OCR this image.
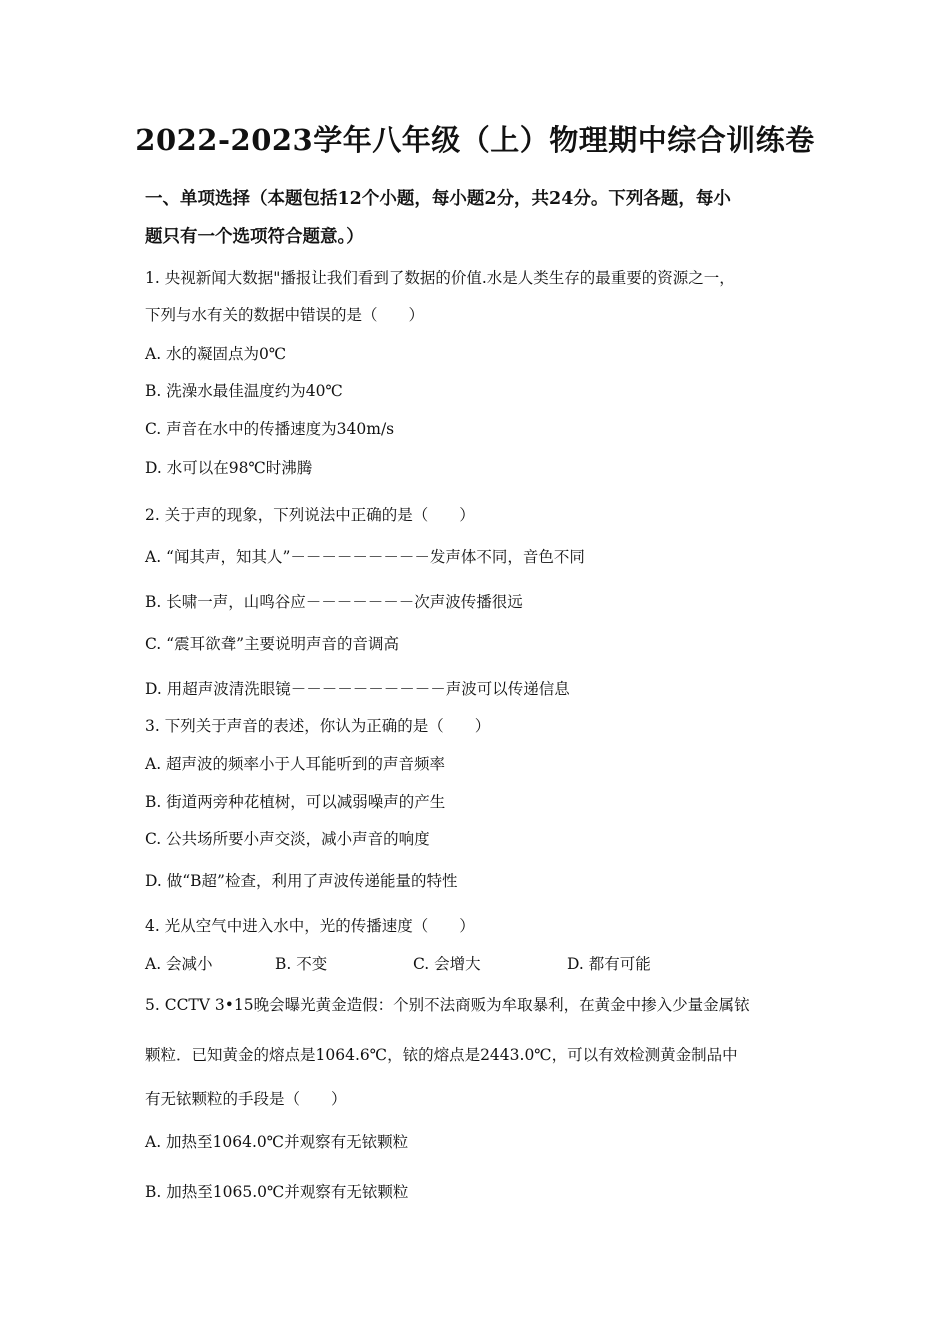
2022-2023学年八年级（上）物理期中综合训练卷
一、单项选择（本题包括12个小题，每小题2分，共24分。下列各题，每小
题只有一个选项符合题意。）
1. 央视新闻大数据"播报让我们看到了数据的价值.水是人类生存的最重要的资源之一，
下列与水有关的数据中错误的是（　　）
A. 水的凝固点为0℃
B. 洗澡水最佳温度约为40℃
C. 声音在水中的传播速度为340m/s
D. 水可以在98℃时沸腾
2. 关于声的现象，下列说法中正确的是（　　）
A. “闻其声，知其人”－－－－－－－－－发声体不同，音色不同
B. 长啸一声，山鸣谷应－－－－－－－次声波传播很远
C. “震耳欲聋”主要说明声音的音调高
D. 用超声波清洗眼镜－－－－－－－－－－声波可以传递信息
3. 下列关于声音的表述，你认为正确的是（　　）
A. 超声波的频率小于人耳能听到的声音频率
B. 街道两旁种花植树，可以减弱噪声的产生
C. 公共场所要小声交淡，减小声音的响度
D. 做“B超”检查，利用了声波传递能量的特性
4. 光从空气中进入水中，光的传播速度（　　）
A. 会减小	B. 不变	C. 会增大	D. 都有可能
5. CCTV 3•15晚会曝光黄金造假：个别不法商贩为牟取暴利，在黄金中掺入少量金属铱
颗粒．已知黄金的熔点是1064.6℃，铱的熔点是2443.0℃，可以有效检测黄金制品中
有无铱颗粒的手段是（　　）
A. 加热至1064.0℃并观察有无铱颗粒
B. 加热至1065.0℃并观察有无铱颗粒
